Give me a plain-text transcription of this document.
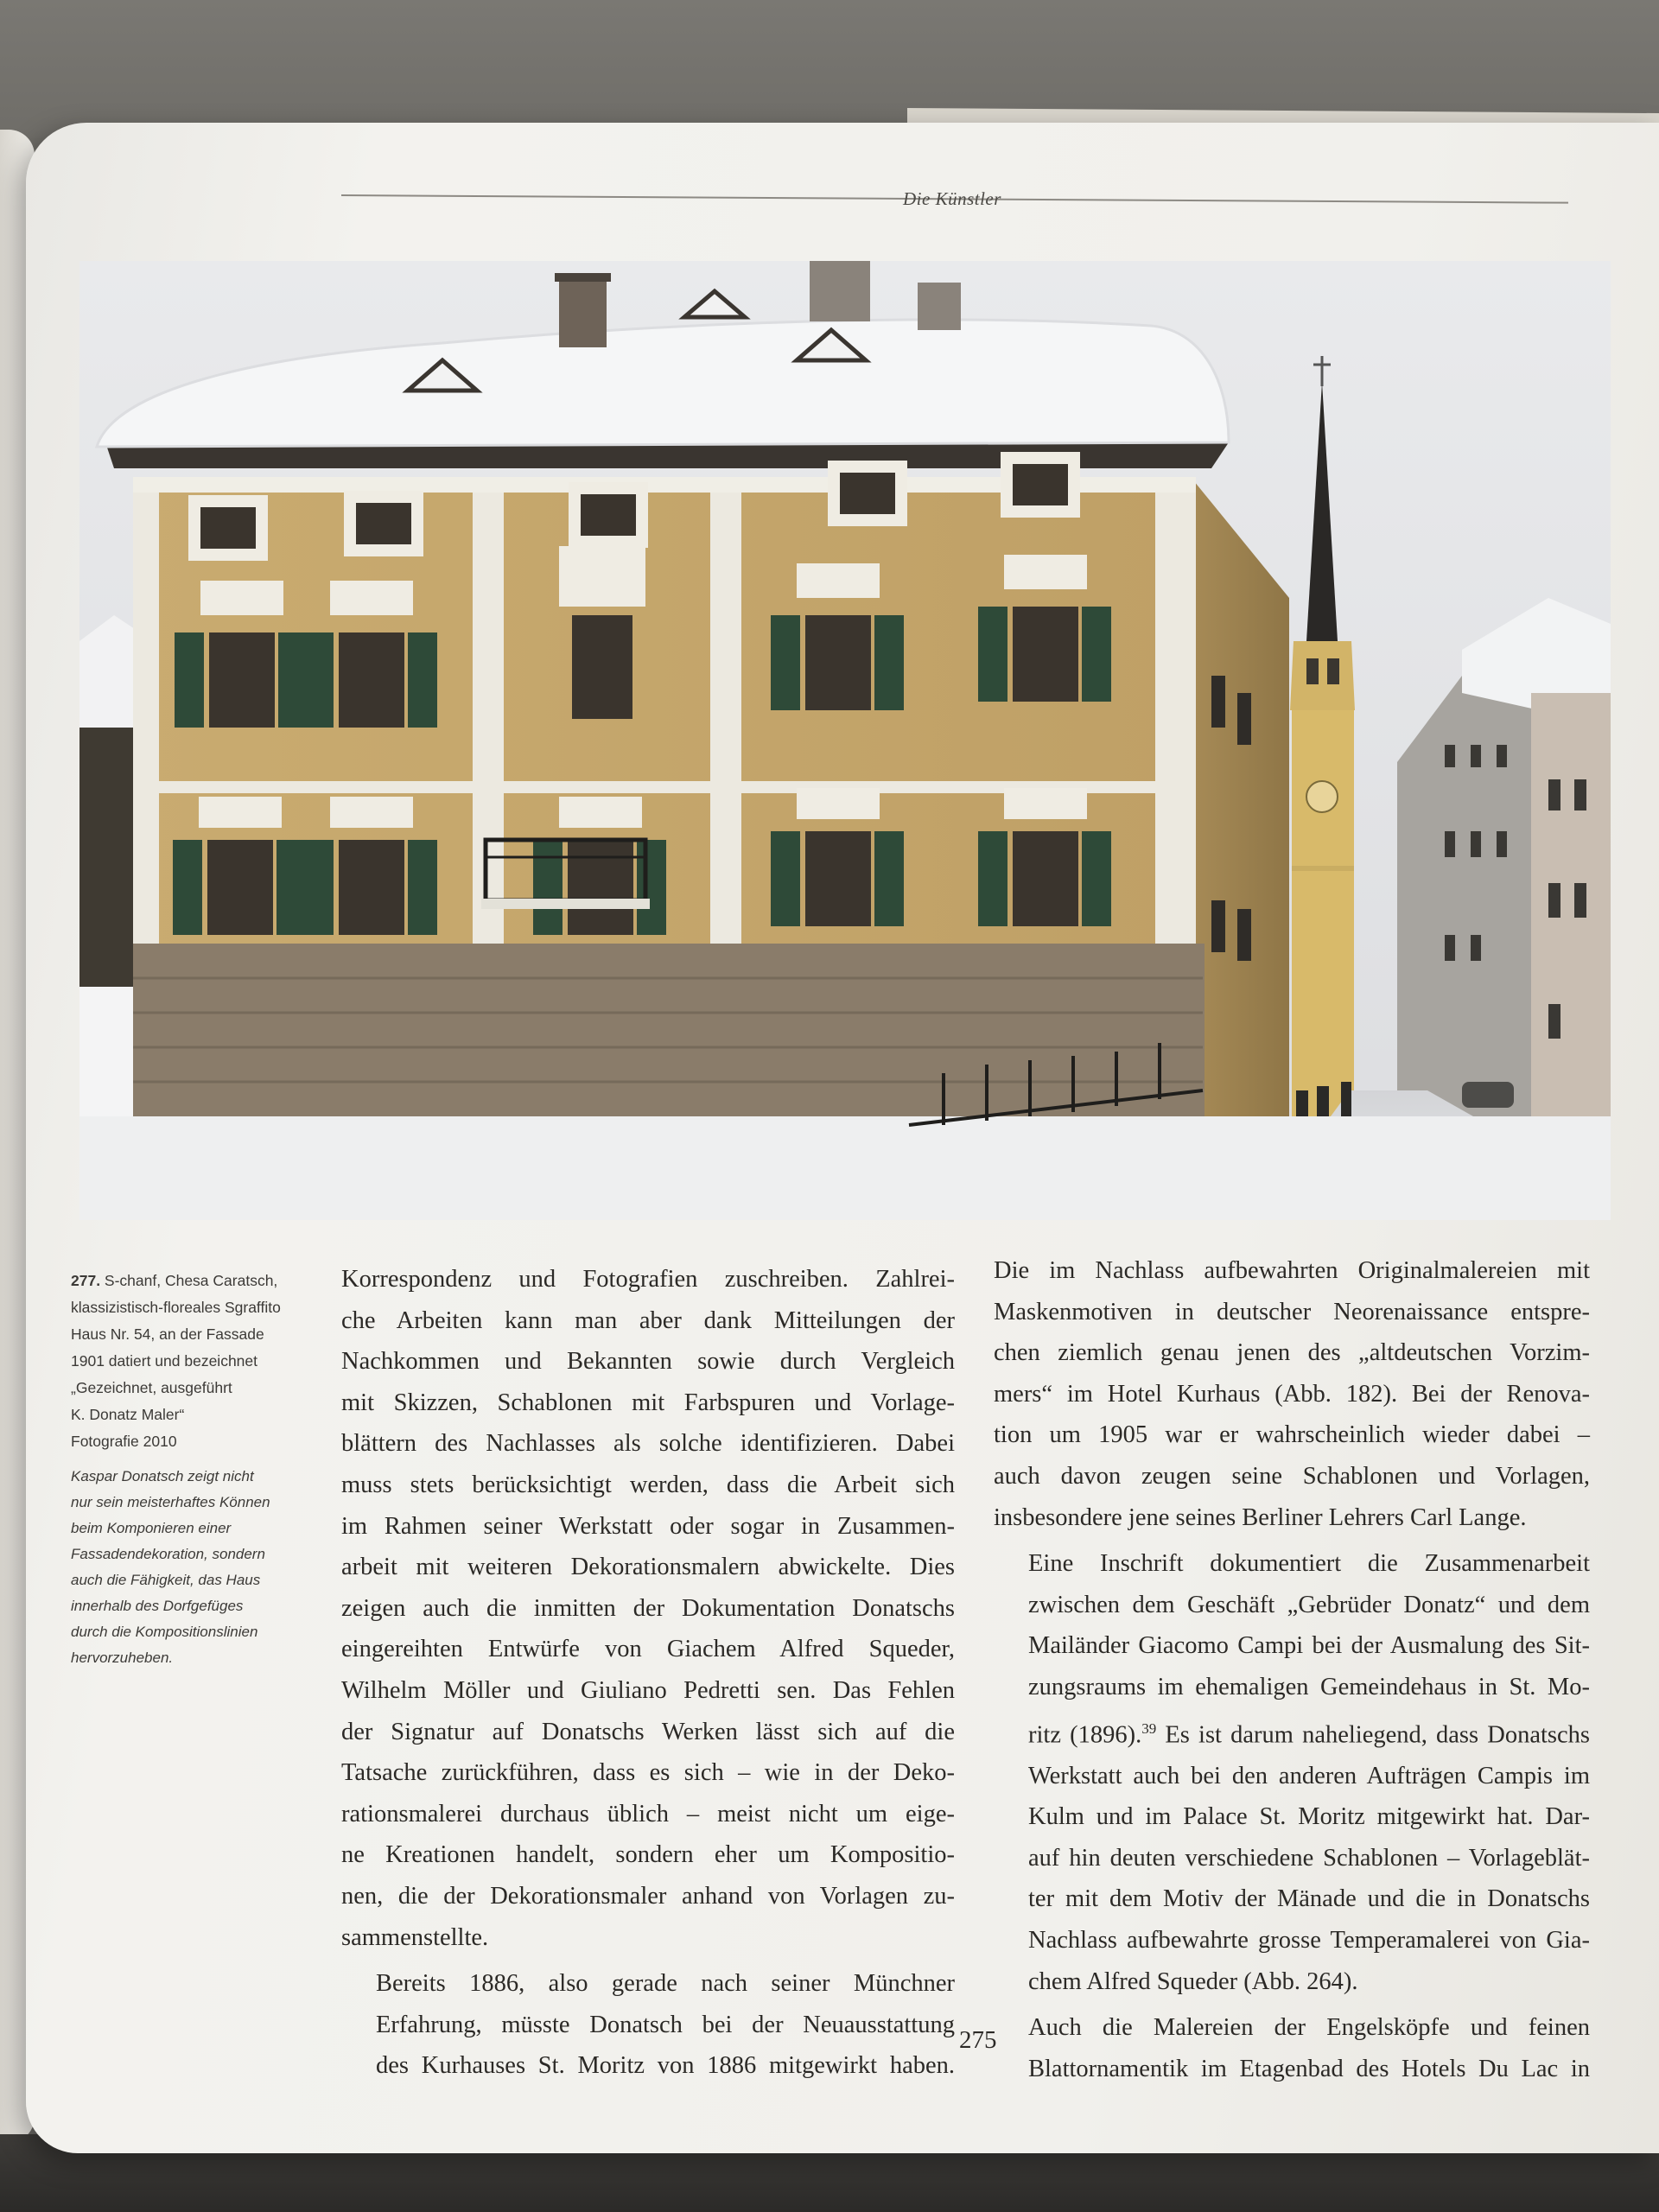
Die Künstler
277. S-chanf, Chesa Caratsch,
klassizistisch-floreales Sgraffito
Haus Nr. 54, an der Fassade
1901 datiert und bezeichnet
„Gezeichnet, ausgeführt
K. Donatz Maler“
Fotografie 2010
Kaspar Donatsch zeigt nicht
nur sein meisterhaftes Können
beim Komponieren einer
Fassadendekoration, sondern
auch die Fähigkeit, das Haus
innerhalb des Dorfgefüges
durch die Kompositionslinien
hervorzuheben.

Korrespondenz und Fotografien zuschreiben. Zahlrei-
che Arbeiten kann man aber dank Mitteilungen der
Nachkommen und Bekannten sowie durch Vergleich
mit Skizzen, Schablonen mit Farbspuren und Vorlage-
blättern des Nachlasses als solche identifizieren. Dabei
muss stets berücksichtigt werden, dass die Arbeit sich
im Rahmen seiner Werkstatt oder sogar in Zusammen-
arbeit mit weiteren Dekorationsmalern abwickelte. Dies
zeigen auch die inmitten der Dokumentation Donatschs
eingereihten Entwürfe von Giachem Alfred Squeder,
Wilhelm Möller und Giuliano Pedretti sen. Das Fehlen
der Signatur auf Donatschs Werken lässt sich auf die
Tatsache zurückführen, dass es sich – wie in der Deko-
rationsmalerei durchaus üblich – meist nicht um eige-
ne Kreationen handelt, sondern eher um Kompositio-
nen, die der Dekorationsmaler anhand von Vorlagen zu-
sammenstellte.

Bereits 1886, also gerade nach seiner Münchner
Erfahrung, müsste Donatsch bei der Neuausstattung
des Kurhauses St. Moritz von 1886 mitgewirkt haben.

Die im Nachlass aufbewahrten Originalmalereien mit
Maskenmotiven in deutscher Neorenaissance entspre-
chen ziemlich genau jenen des „altdeutschen Vorzim-
mers“ im Hotel Kurhaus (Abb. 182). Bei der Renova-
tion um 1905 war er wahrscheinlich wieder dabei –
auch davon zeugen seine Schablonen und Vorlagen,
insbesondere jene seines Berliner Lehrers Carl Lange.

Eine Inschrift dokumentiert die Zusammenarbeit
zwischen dem Geschäft „Gebrüder Donatz“ und dem
Mailänder Giacomo Campi bei der Ausmalung des Sit-
zungsraums im ehemaligen Gemeindehaus in St. Mo-
ritz (1896).$^{39}$ Es ist darum naheliegend, dass Donatschs
Werkstatt auch bei den anderen Aufträgen Campis im
Kulm und im Palace St. Moritz mitgewirkt hat. Dar-
auf hin deuten verschiedene Schablonen – Vorlageblät-
ter mit dem Motiv der Mänade und die in Donatschs
Nachlass aufbewahrte grosse Temperamalerei von Gia-
chem Alfred Squeder (Abb. 264).

Auch die Malereien der Engelsköpfe und feinen
Blattornamentik im Etagenbad des Hotels Du Lac in

275
